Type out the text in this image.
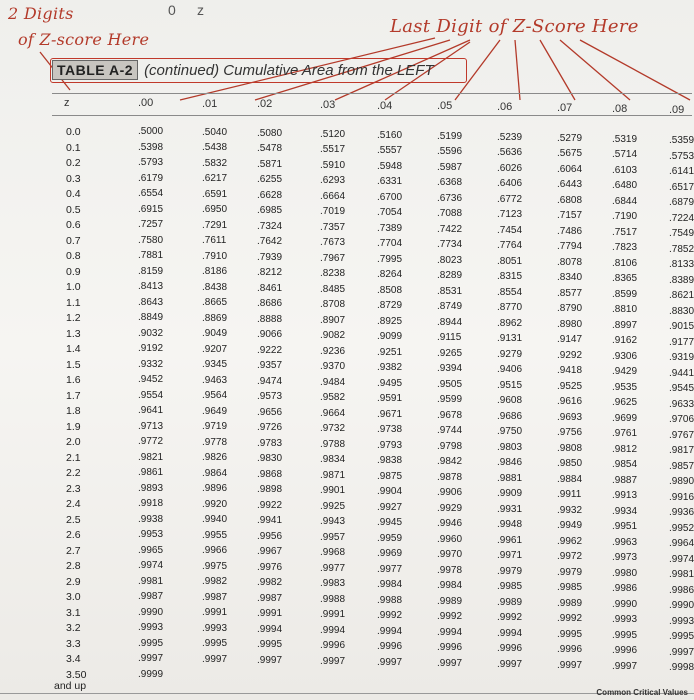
0 z
2 Digits
of Z-score Here
Last Digit of Z-Score Here
TABLE A-2 (continued) Cumulative Area from the LEFT
z	.00	.01	.02	.03	.04	.05	.06	.07	.08	.09
0.0	.5000	.5040	.5080	.5120	.5160	.5199	.5239	.5279	.5319	.5359
0.1	.5398	.5438	.5478	.5517	.5557	.5596	.5636	.5675	.5714	.5753
0.2	.5793	.5832	.5871	.5910	.5948	.5987	.6026	.6064	.6103	.6141
0.3	.6179	.6217	.6255	.6293	.6331	.6368	.6406	.6443	.6480	.6517
0.4	.6554	.6591	.6628	.6664	.6700	.6736	.6772	.6808	.6844	.6879
0.5	.6915	.6950	.6985	.7019	.7054	.7088	.7123	.7157	.7190	.7224
0.6	.7257	.7291	.7324	.7357	.7389	.7422	.7454	.7486	.7517	.7549
0.7	.7580	.7611	.7642	.7673	.7704	.7734	.7764	.7794	.7823	.7852
0.8	.7881	.7910	.7939	.7967	.7995	.8023	.8051	.8078	.8106	.8133
0.9	.8159	.8186	.8212	.8238	.8264	.8289	.8315	.8340	.8365	.8389
1.0	.8413	.8438	.8461	.8485	.8508	.8531	.8554	.8577	.8599	.8621
1.1	.8643	.8665	.8686	.8708	.8729	.8749	.8770	.8790	.8810	.8830
1.2	.8849	.8869	.8888	.8907	.8925	.8944	.8962	.8980	.8997	.9015
1.3	.9032	.9049	.9066	.9082	.9099	.9115	.9131	.9147	.9162	.9177
1.4	.9192	.9207	.9222	.9236	.9251	.9265	.9279	.9292	.9306	.9319
1.5	.9332	.9345	.9357	.9370	.9382	.9394	.9406	.9418	.9429	.9441
1.6	.9452	.9463	.9474	.9484	.9495	.9505	.9515	.9525	.9535	.9545
1.7	.9554	.9564	.9573	.9582	.9591	.9599	.9608	.9616	.9625	.9633
1.8	.9641	.9649	.9656	.9664	.9671	.9678	.9686	.9693	.9699	.9706
1.9	.9713	.9719	.9726	.9732	.9738	.9744	.9750	.9756	.9761	.9767
2.0	.9772	.9778	.9783	.9788	.9793	.9798	.9803	.9808	.9812	.9817
2.1	.9821	.9826	.9830	.9834	.9838	.9842	.9846	.9850	.9854	.9857
2.2	.9861	.9864	.9868	.9871	.9875	.9878	.9881	.9884	.9887	.9890
2.3	.9893	.9896	.9898	.9901	.9904	.9906	.9909	.9911	.9913	.9916
2.4	.9918	.9920	.9922	.9925	.9927	.9929	.9931	.9932	.9934	.9936
2.5	.9938	.9940	.9941	.9943	.9945	.9946	.9948	.9949	.9951	.9952
2.6	.9953	.9955	.9956	.9957	.9959	.9960	.9961	.9962	.9963	.9964
2.7	.9965	.9966	.9967	.9968	.9969	.9970	.9971	.9972	.9973	.9974
2.8	.9974	.9975	.9976	.9977	.9977	.9978	.9979	.9979	.9980	.9981
2.9	.9981	.9982	.9982	.9983	.9984	.9984	.9985	.9985	.9986	.9986
3.0	.9987	.9987	.9987	.9988	.9988	.9989	.9989	.9989	.9990	.9990
3.1	.9990	.9991	.9991	.9991	.9992	.9992	.9992	.9992	.9993	.9993
3.2	.9993	.9993	.9994	.9994	.9994	.9994	.9994	.9995	.9995	.9995
3.3	.9995	.9995	.9995	.9996	.9996	.9996	.9996	.9996	.9996	.9997
3.4	.9997	.9997	.9997	.9997	.9997	.9997	.9997	.9997	.9997	.9998
3.50	.9999
and up
Common Critical Values
